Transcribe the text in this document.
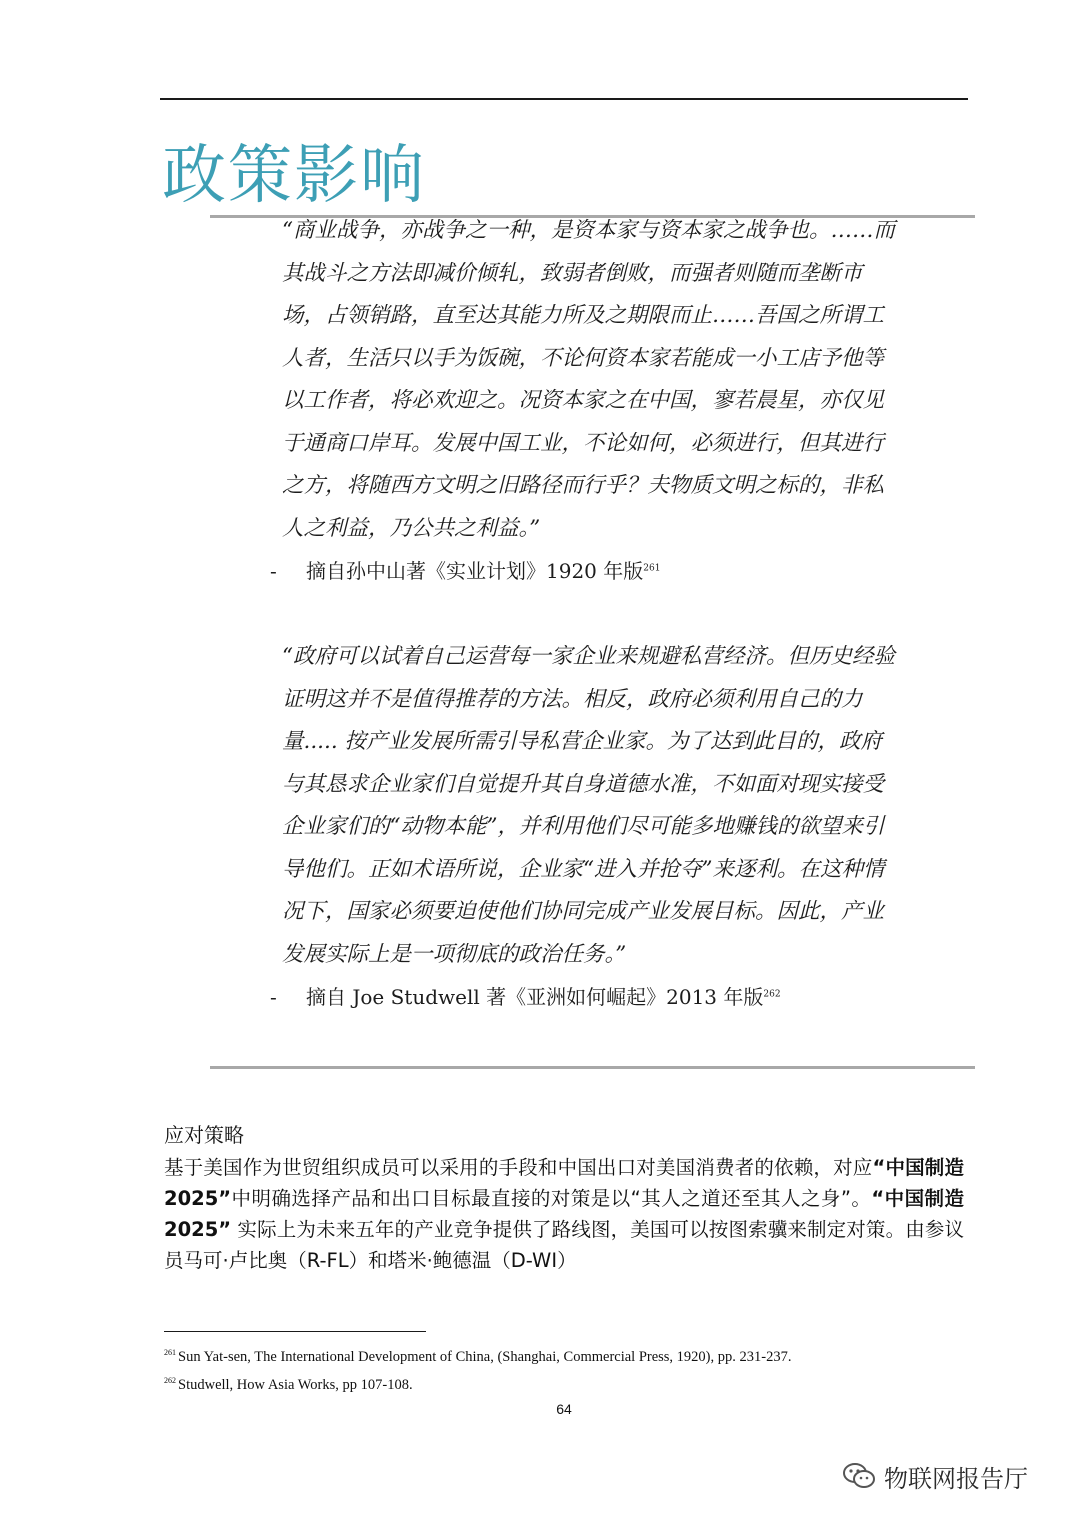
政策影响

“商业战争，亦战争之一种，是资本家与资本家之战争也。……而其战斗之方法即减价倾轧，致弱者倒败，而强者则随而垄断市场，占领销路，直至达其能力所及之期限而止……吾国之所谓工人者，生活只以手为饭碗，不论何资本家若能成一小工店予他等以工作者，将必欢迎之。况资本家之在中国，寥若晨星，亦仅见于通商口岸耳。发展中国工业，不论如何，必须进行，但其进行之方，将随西方文明之旧路径而行乎？夫物质文明之标的，非私人之利益，乃公共之利益。”

- 摘自孙中山著《实业计划》1920 年版$^{261}$

“政府可以试着自己运营每一家企业来规避私营经济。但历史经验证明这并不是值得推荐的方法。相反，政府必须利用自己的力量..... 按产业发展所需引导私营企业家。为了达到此目的，政府与其恳求企业家们自觉提升其自身道德水准，不如面对现实接受企业家们的“动物本能”，并利用他们尽可能多地赚钱的欲望来引导他们。正如术语所说，企业家“进入并抢夺”来逐利。在这种情况下，国家必须要迫使他们协同完成产业发展目标。因此，产业发展实际上是一项彻底的政治任务。”

- 摘自 Joe Studwell 著《亚洲如何崛起》2013 年版$^{262}$

应对策略

基于美国作为世贸组织成员可以采用的手段和中国出口对美国消费者的依赖，对应“中国制造2025”中明确选择产品和出口目标最直接的对策是以“其人之道还至其人之身”。“中国制造2025” 实际上为未来五年的产业竞争提供了路线图，美国可以按图索骥来制定对策。由参议员马可·卢比奥（R-FL）和塔米·鲍德温（D-WI）

$^{261}$ Sun Yat-sen, The International Development of China, (Shanghai, Commercial Press, 1920), pp. 231-237.

$^{262}$ Studwell, How Asia Works, pp 107-108.

64

物联网报告厅
